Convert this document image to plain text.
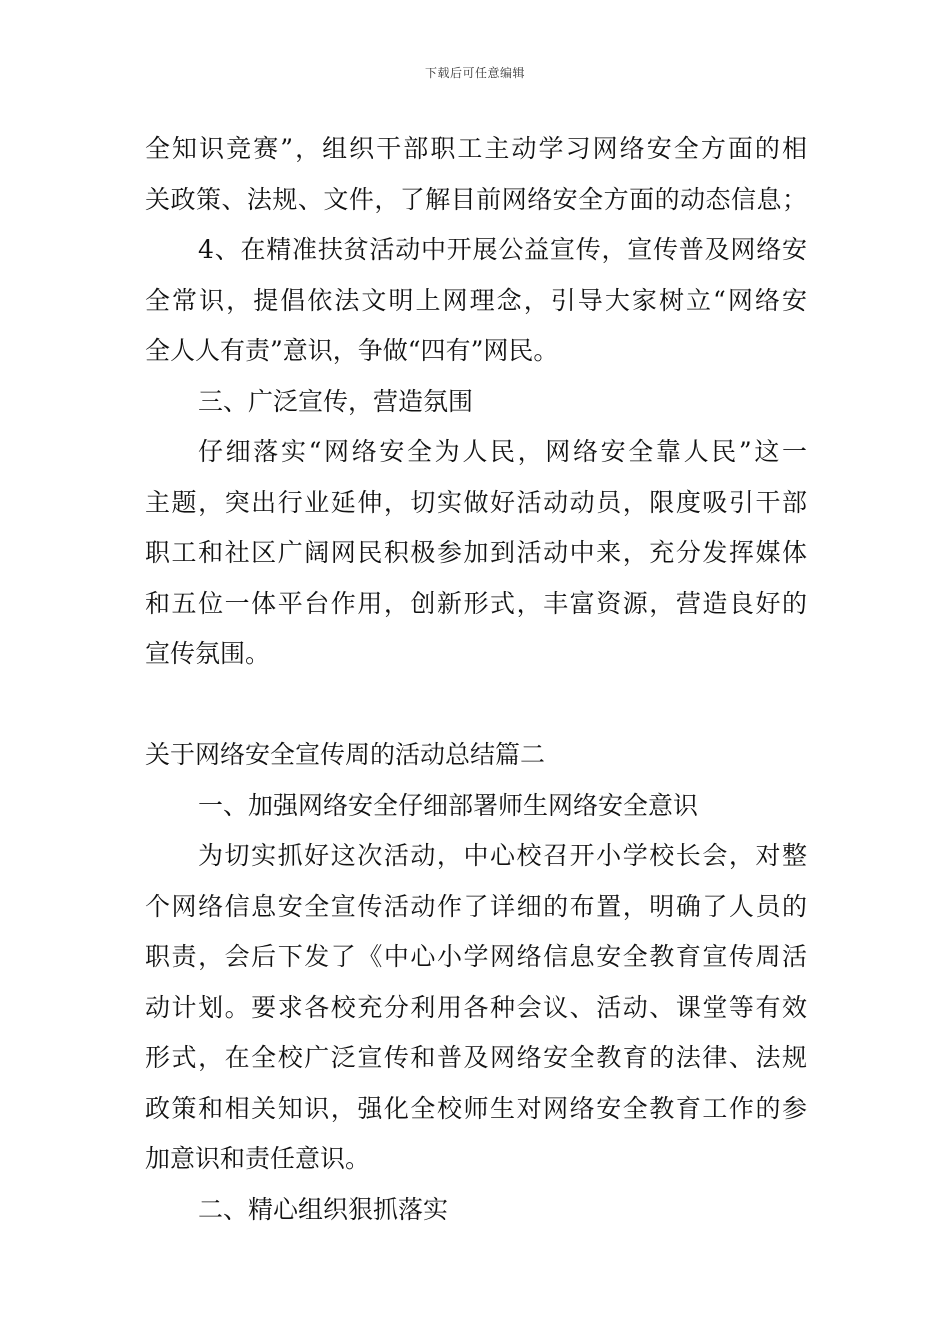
下载后可任意编辑
全知识竞赛”，组织干部职工主动学习网络安全方面的相
关政策、法规、文件，了解目前网络安全方面的动态信息；
4、在精准扶贫活动中开展公益宣传，宣传普及网络安
全常识，提倡依法文明上网理念，引导大家树立“网络安
全人人有责”意识，争做“四有”网民。
三、广泛宣传，营造氛围
仔细落实“网络安全为人民，网络安全靠人民”这一
主题，突出行业延伸，切实做好活动动员，限度吸引干部
职工和社区广阔网民积极参加到活动中来，充分发挥媒体
和五位一体平台作用，创新形式，丰富资源，营造良好的
宣传氛围。
关于网络安全宣传周的活动总结篇二
一、加强网络安全仔细部署师生网络安全意识
为切实抓好这次活动，中心校召开小学校长会，对整
个网络信息安全宣传活动作了详细的布置，明确了人员的
职责，会后下发了《中心小学网络信息安全教育宣传周活
动计划。要求各校充分利用各种会议、活动、课堂等有效
形式，在全校广泛宣传和普及网络安全教育的法律、法规
政策和相关知识，强化全校师生对网络安全教育工作的参
加意识和责任意识。
二、精心组织狠抓落实
